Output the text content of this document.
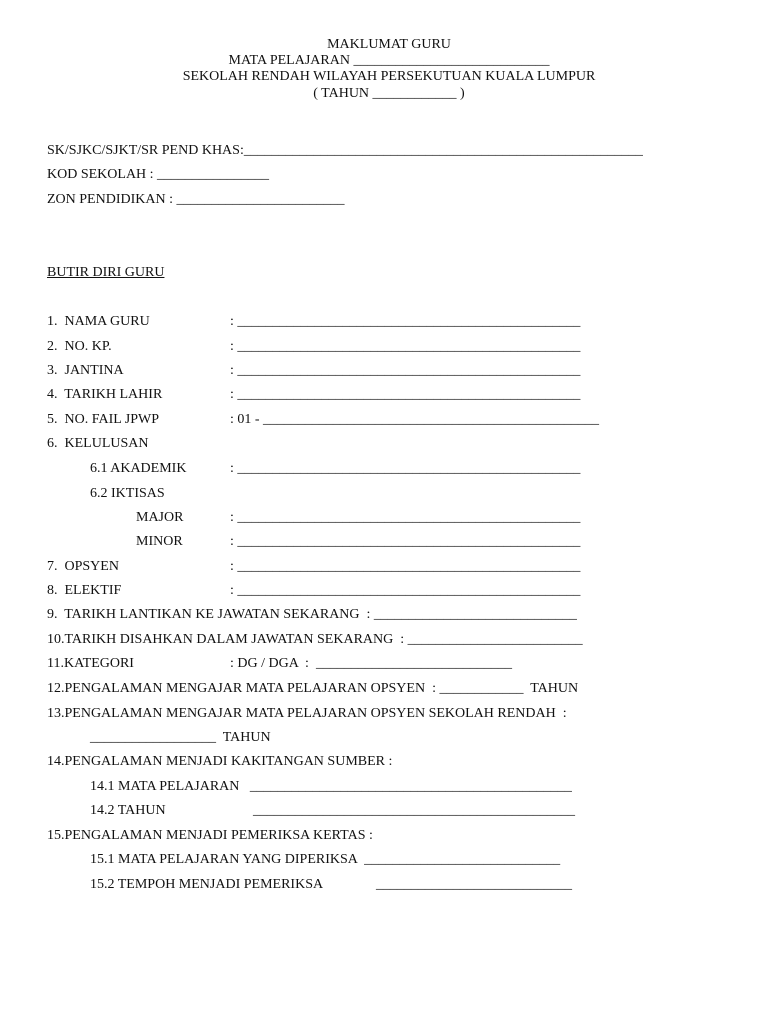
MAKLUMAT GURU
MATA PELAJARAN ____________________________
SEKOLAH RENDAH WILAYAH PERSEKUTUAN KUALA LUMPUR
( TAHUN ____________ )
SK/SJKC/SJKT/SR PEND KHAS:_________________________________________________________
KOD SEKOLAH : ________________
ZON PENDIDIKAN : ________________________
BUTIR DIRI GURU
1.  NAMA GURU	: _________________________________________________
2.  NO. KP.	: _________________________________________________
3.  JANTINA	: _________________________________________________
4.  TARIKH LAHIR	: _________________________________________________
5.  NO. FAIL JPWP	: 01 - ________________________________________________
6.  KELULUSAN
6.1 AKADEMIK	: _________________________________________________
6.2 IKTISAS
MAJOR	: _________________________________________________
MINOR	: _________________________________________________
7.  OPSYEN	: _________________________________________________
8.  ELEKTIF	: _________________________________________________
9.  TARIKH LANTIKAN KE JAWATAN SEKARANG  : _____________________________
10.TARIKH DISAHKAN DALAM JAWATAN SEKARANG  : _________________________
11.KATEGORI	: DG / DGA  :  ____________________________
12.PENGALAMAN MENGAJAR MATA PELAJARAN OPSYEN  : ____________  TAHUN
13.PENGALAMAN MENGAJAR MATA PELAJARAN OPSYEN SEKOLAH RENDAH  :
__________________  TAHUN
14.PENGALAMAN MENJADI KAKITANGAN SUMBER :
14.1 MATA PELAJARAN   ______________________________________________
14.2 TAHUN	______________________________________________
15.PENGALAMAN MENJADI PEMERIKSA KERTAS :
15.1 MATA PELAJARAN YANG DIPERIKSA  ____________________________
15.2 TEMPOH MENJADI PEMERIKSA	____________________________
